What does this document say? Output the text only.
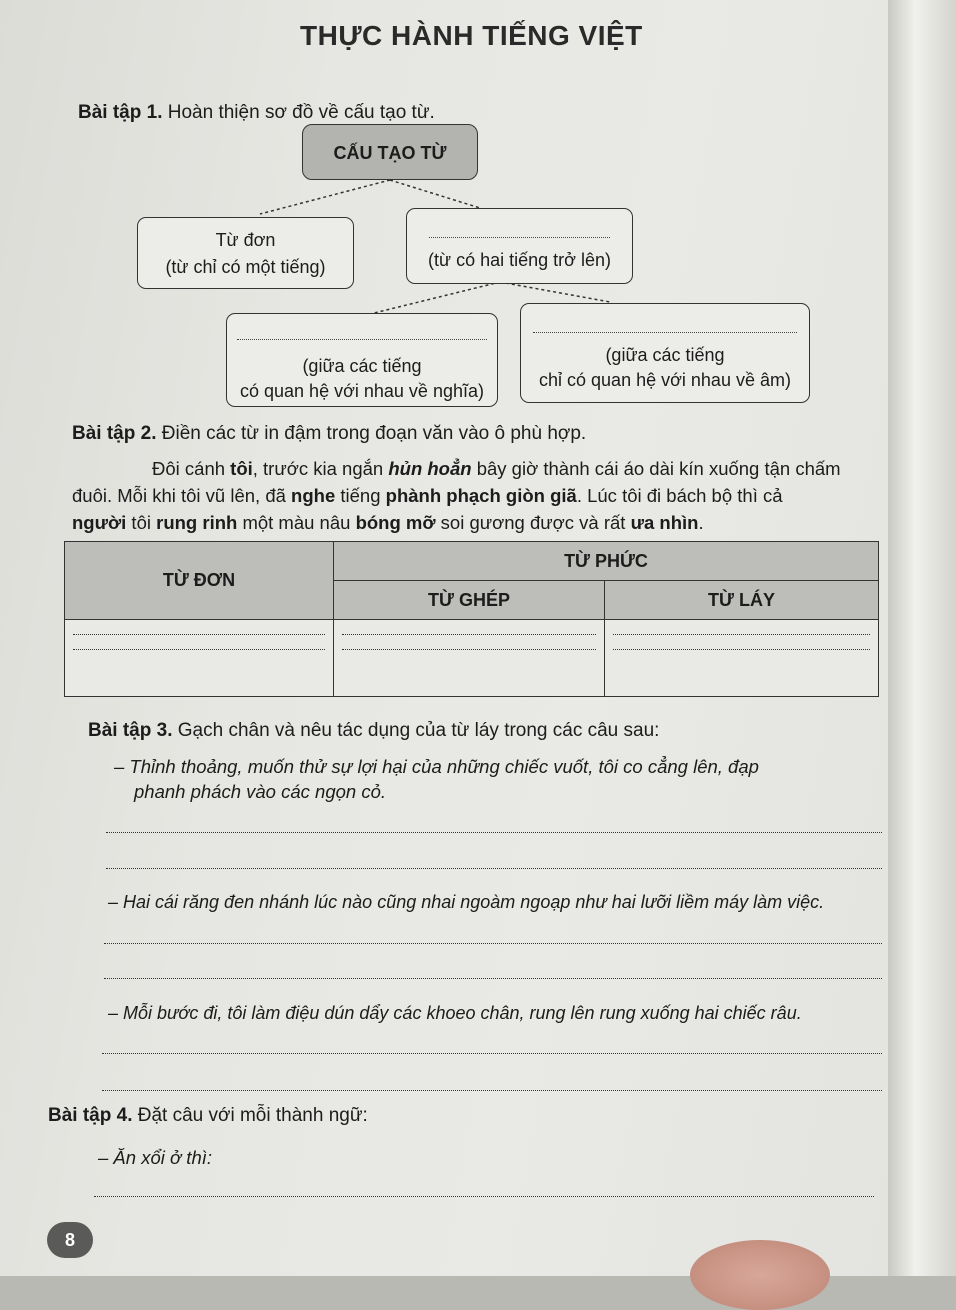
THỰC HÀNH TIẾNG VIỆT
Bài tập 1. Hoàn thiện sơ đồ về cấu tạo từ.
CẤU TẠO TỪ
Từ đơn
(từ chỉ có một tiếng)	(từ có hai tiếng trở lên)
(giữa các tiếng
có quan hệ với nhau về nghĩa)
(giữa các tiếng
chỉ có quan hệ với nhau về âm)
Bài tập 2. Điền các từ in đậm trong đoạn văn vào ô phù hợp.
Đôi cánh tôi, trước kia ngắn hủn hoẳn bây giờ thành cái áo dài kín xuống tận chấm
đuôi. Mỗi khi tôi vũ lên, đã nghe tiếng phành phạch giòn giã. Lúc tôi đi bách bộ thì cả
người tôi rung rinh một màu nâu bóng mỡ soi gương được và rất ưa nhìn.
TỪ ĐƠN	TỪ PHỨC	
	TỪ GHÉP	TỪ LÁY

Bài tập 3. Gạch chân và nêu tác dụng của từ láy trong các câu sau:
– Thỉnh thoảng, muốn thử sự lợi hại của những chiếc vuốt, tôi co cẳng lên, đạp
phanh phách vào các ngọn cỏ.
– Hai cái răng đen nhánh lúc nào cũng nhai ngoàm ngoạp như hai lưỡi liềm máy làm việc.
– Mỗi bước đi, tôi làm điệu dún dẩy các khoeo chân, rung lên rung xuống hai chiếc râu.
Bài tập 4. Đặt câu với mỗi thành ngữ:
– Ăn xổi ở thì:
8
